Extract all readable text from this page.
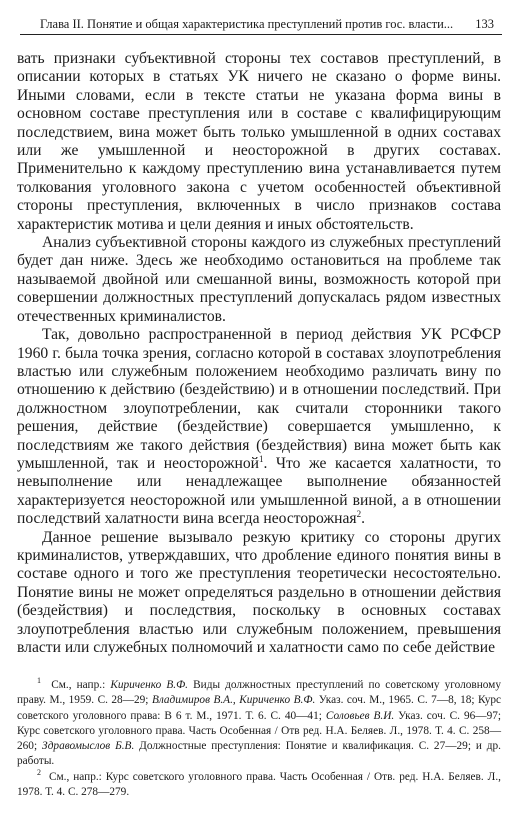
Глава II. Понятие и общая характеристика преступлений против гос. власти... 133

вать признаки субъективной стороны тех составов преступлений, в описании которых в статьях УК ничего не сказано о форме вины. Иными словами, если в тексте статьи не указана форма вины в основном составе преступления или в составе с квалифицирующим последствием, вина может быть только умышленной в одних составах или же умышленной и неосторожной в других составах. Применительно к каждому преступлению вина устанавливается путем толкования уголовного закона с учетом особенностей объективной стороны преступления, включенных в число признаков состава характеристик мотива и цели деяния и иных обстоятельств.

Анализ субъективной стороны каждого из служебных преступлений будет дан ниже. Здесь же необходимо остановиться на проблеме так называемой двойной или смешанной вины, возможность которой при совершении должностных преступлений допускалась рядом известных отечественных криминалистов.

Так, довольно распространенной в период действия УК РСФСР 1960 г. была точка зрения, согласно которой в составах злоупотребления властью или служебным положением необходимо различать вину по отношению к действию (бездействию) и в отношении последствий. При должностном злоупотреблении, как считали сторонники такого решения, действие (бездействие) совершается умышленно, к последствиям же такого действия (бездействия) вина может быть как умышленной, так и неосторожной$^1$. Что же касается халатности, то невыполнение или ненадлежащее выполнение обязанностей характеризуется неосторожной или умышленной виной, а в отношении последствий халатности вина всегда неосторожная$^2$.

Данное решение вызывало резкую критику со стороны других криминалистов, утверждавших, что дробление единого понятия вины в составе одного и того же преступления теоретически несостоятельно. Понятие вины не может определяться раздельно в отношении действия (бездействия) и последствия, поскольку в основных составах злоупотребления властью или служебным положением, превышения власти или служебных полномочий и халатности само по себе действие

$^1$ См., напр.: Кириченко В.Ф. Виды должностных преступлений по советскому уголовному праву. М., 1959. С. 28—29; Владимиров В.А., Кириченко В.Ф. Указ. соч. М., 1965. С. 7—8, 18; Курс советского уголовного права: В 6 т. М., 1971. Т. 6. С. 40—41; Соловьев В.И. Указ. соч. С. 96—97; Курс советского уголовного права. Часть Особенная / Отв ред. Н.А. Беляев. Л., 1978. Т. 4. С. 258—260; Здравомыслов Б.В. Должностные преступления: Понятие и квалификация. С. 27—29; и др. работы.

$^2$ См., напр.: Курс советского уголовного права. Часть Особенная / Отв. ред. Н.А. Беляев. Л., 1978. Т. 4. С. 278—279.
